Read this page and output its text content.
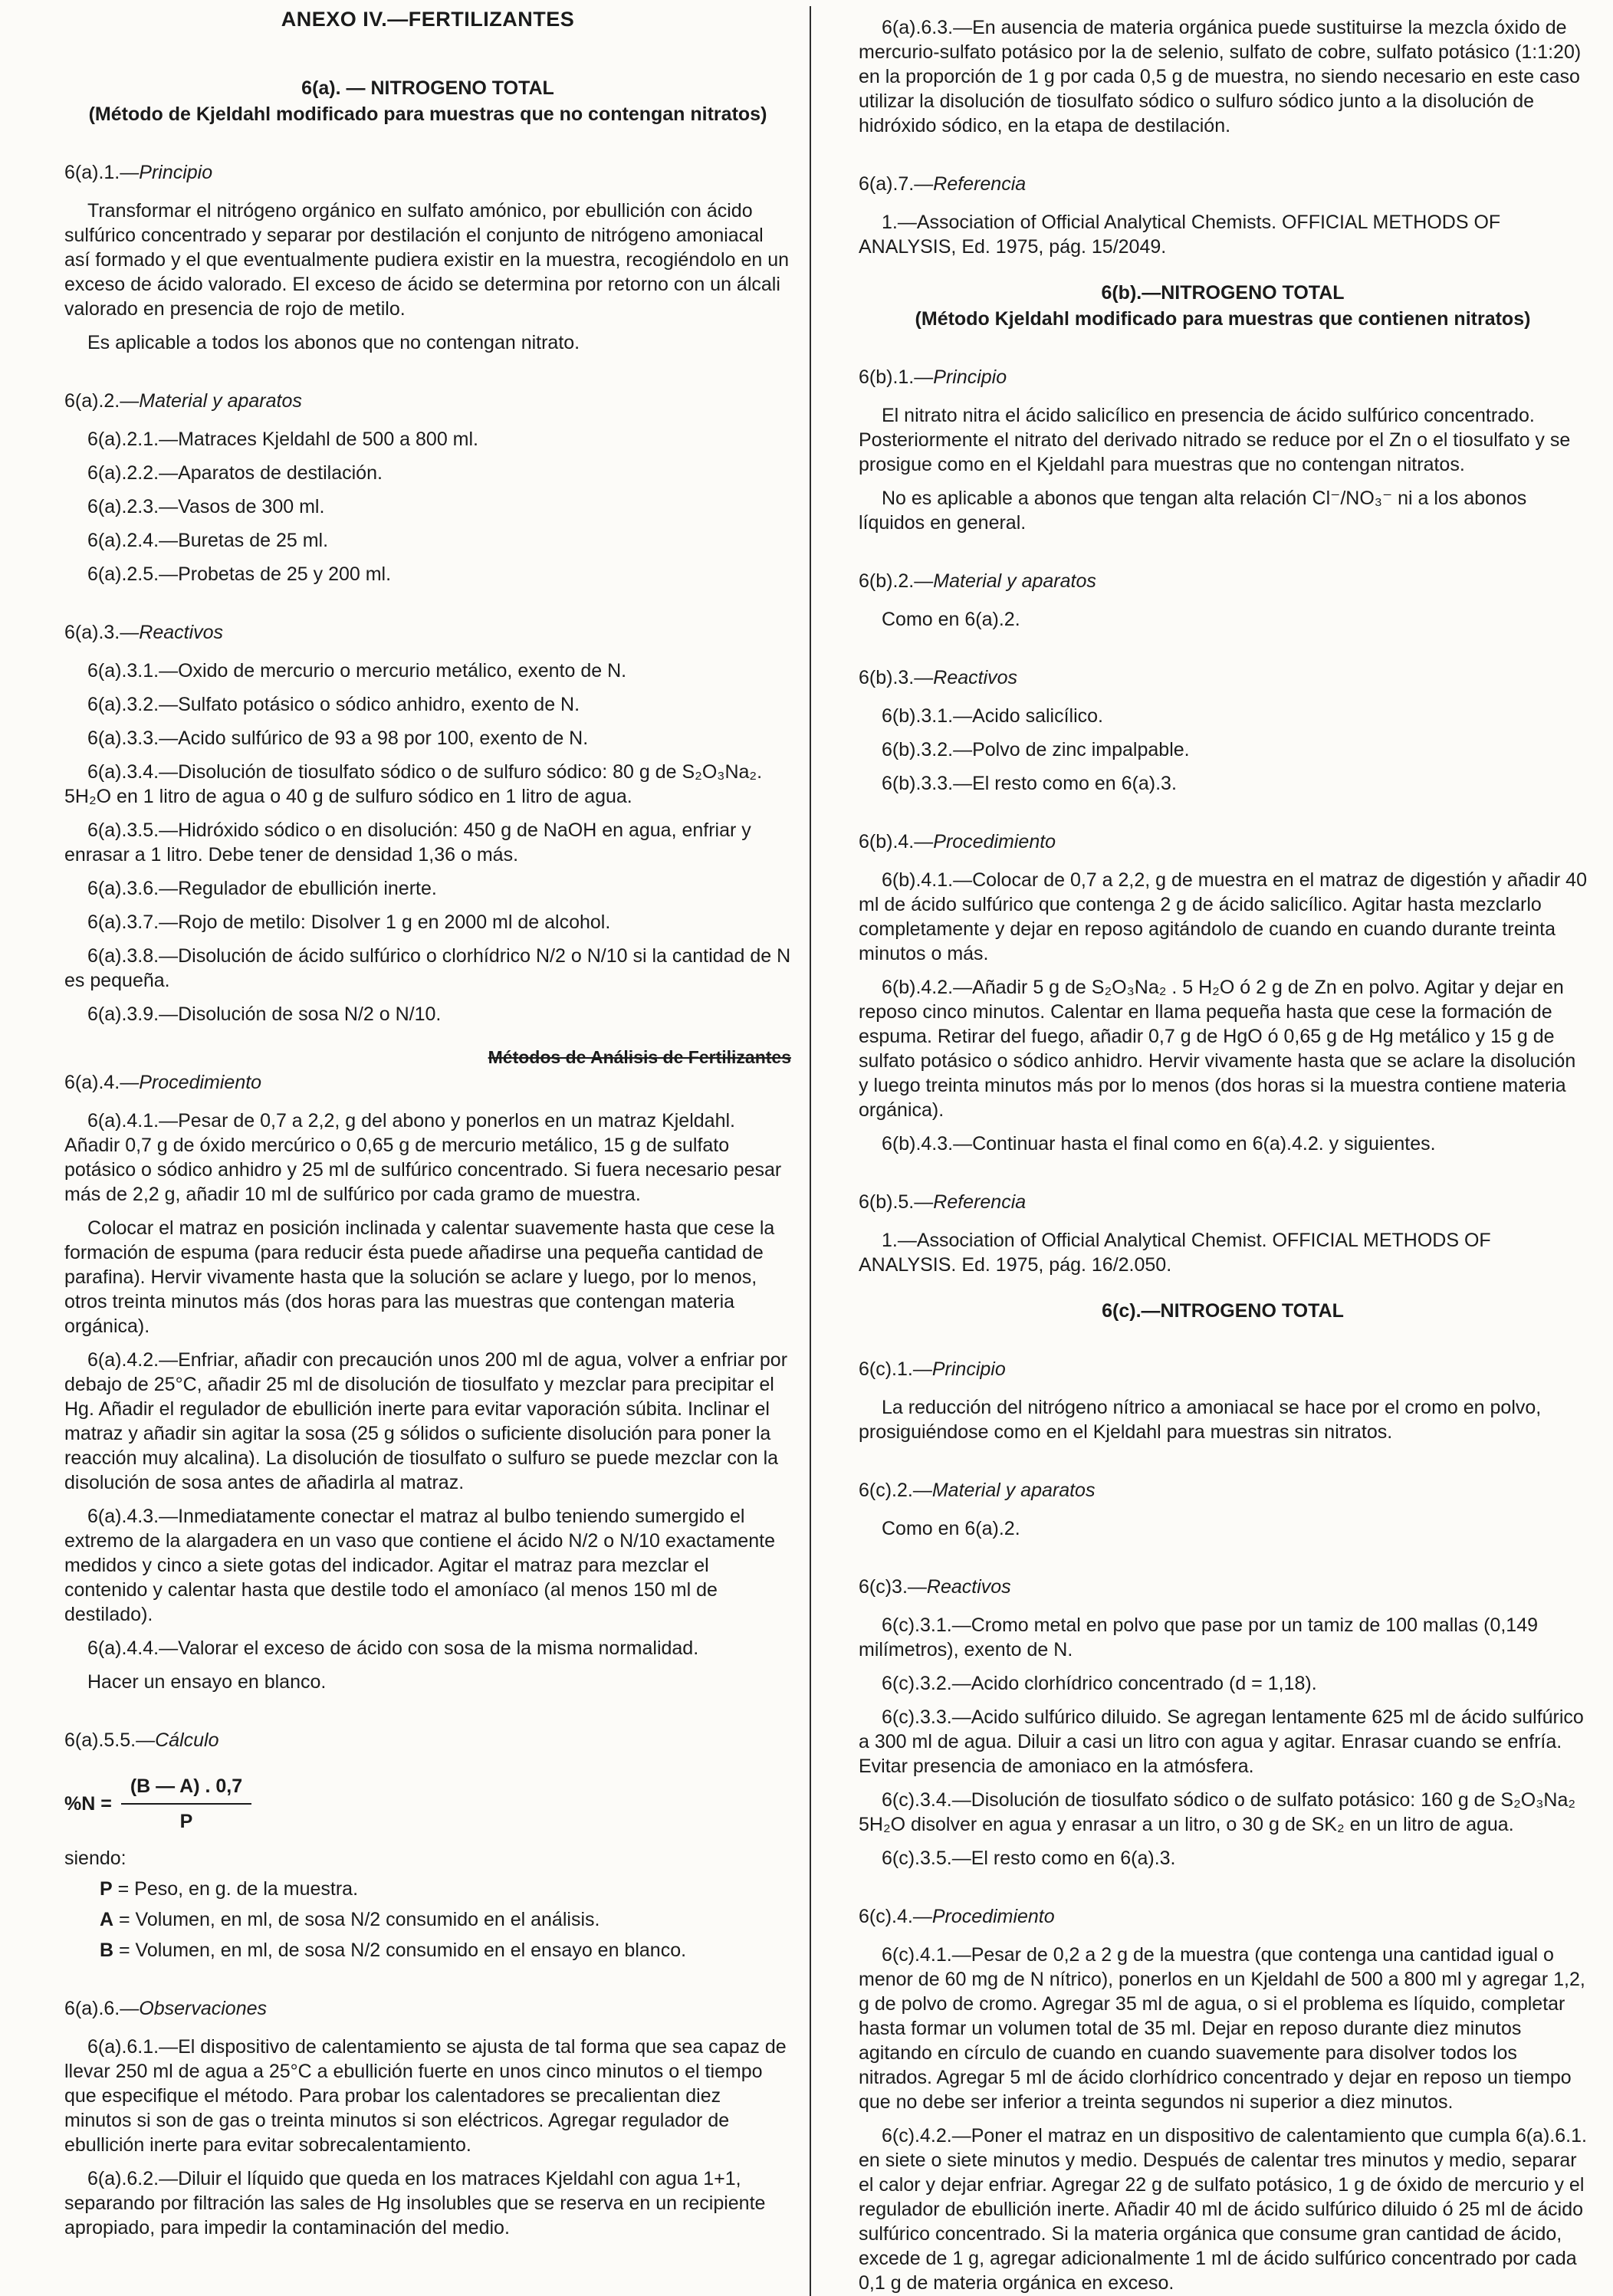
ANEXO IV.—FERTILIZANTES

6(a). — NITROGENO TOTAL

(Método de Kjeldahl modificado para muestras que no contengan nitratos)

6(a).1.—Principio

Transformar el nitrógeno orgánico en sulfato amónico, por ebullición con ácido sulfúrico concentrado y separar por destilación el conjunto de nitrógeno amoniacal así formado y el que eventualmente pudiera existir en la muestra, recogiéndolo en un exceso de ácido valorado. El exceso de ácido se determina por retorno con un álcali valorado en presencia de rojo de metilo.

Es aplicable a todos los abonos que no contengan nitrato.

6(a).2.—Material y aparatos

6(a).2.1.—Matraces Kjeldahl de 500 a 800 ml.

6(a).2.2.—Aparatos de destilación.

6(a).2.3.—Vasos de 300 ml.

6(a).2.4.—Buretas de 25 ml.

6(a).2.5.—Probetas de 25 y 200 ml.

6(a).3.—Reactivos

6(a).3.1.—Oxido de mercurio o mercurio metálico, exento de N.

6(a).3.2.—Sulfato potásico o sódico anhidro, exento de N.

6(a).3.3.—Acido sulfúrico de 93 a 98 por 100, exento de N.

6(a).3.4.—Disolución de tiosulfato sódico o de sulfuro sódico: 80 g de S₂O₃Na₂. 5H₂O en 1 litro de agua o 40 g de sulfuro sódico en 1 litro de agua.

6(a).3.5.—Hidróxido sódico o en disolución: 450 g de NaOH en agua, enfriar y enrasar a 1 litro. Debe tener de densidad 1,36 o más.

6(a).3.6.—Regulador de ebullición inerte.

6(a).3.7.—Rojo de metilo: Disolver 1 g en 2000 ml de alcohol.

6(a).3.8.—Disolución de ácido sulfúrico o clorhídrico N/2 o N/10 si la cantidad de N es pequeña.

6(a).3.9.—Disolución de sosa N/2 o N/10.

Métodos de Análisis de Fertilizantes

6(a).4.—Procedimiento

6(a).4.1.—Pesar de 0,7 a 2,2, g del abono y ponerlos en un matraz Kjeldahl. Añadir 0,7 g de óxido mercúrico o 0,65 g de mercurio metálico, 15 g de sulfato potásico o sódico anhidro y 25 ml de sulfúrico concentrado. Si fuera necesario pesar más de 2,2 g, añadir 10 ml de sulfúrico por cada gramo de muestra.

Colocar el matraz en posición inclinada y calentar suavemente hasta que cese la formación de espuma (para reducir ésta puede añadirse una pequeña cantidad de parafina). Hervir vivamente hasta que la solución se aclare y luego, por lo menos, otros treinta minutos más (dos horas para las muestras que contengan materia orgánica).

6(a).4.2.—Enfriar, añadir con precaución unos 200 ml de agua, volver a enfriar por debajo de 25°C, añadir 25 ml de disolución de tiosulfato y mezclar para precipitar el Hg. Añadir el regulador de ebullición inerte para evitar vaporación súbita. Inclinar el matraz y añadir sin agitar la sosa (25 g sólidos o suficiente disolución para poner la reacción muy alcalina). La disolución de tiosulfato o sulfuro se puede mezclar con la disolución de sosa antes de añadirla al matraz.

6(a).4.3.—Inmediatamente conectar el matraz al bulbo teniendo sumergido el extremo de la alargadera en un vaso que contiene el ácido N/2 o N/10 exactamente medidos y cinco a siete gotas del indicador. Agitar el matraz para mezclar el contenido y calentar hasta que destile todo el amoníaco (al menos 150 ml de destilado).

6(a).4.4.—Valorar el exceso de ácido con sosa de la misma normalidad.

Hacer un ensayo en blanco.

6(a).5.5.—Cálculo
$\%N = \frac{(B — A) . 0,7}{P}$

siendo:

P = Peso, en g. de la muestra.

A = Volumen, en ml, de sosa N/2 consumido en el análisis.

B = Volumen, en ml, de sosa N/2 consumido en el ensayo en blanco.

6(a).6.—Observaciones

6(a).6.1.—El dispositivo de calentamiento se ajusta de tal forma que sea capaz de llevar 250 ml de agua a 25°C a ebullición fuerte en unos cinco minutos o el tiempo que especifique el método. Para probar los calentadores se precalientan diez minutos si son de gas o treinta minutos si son eléctricos. Agregar regulador de ebullición inerte para evitar sobrecalentamiento.

6(a).6.2.—Diluir el líquido que queda en los matraces Kjeldahl con agua 1+1, separando por filtración las sales de Hg insolubles que se reserva en un recipiente apropiado, para impedir la contaminación del medio.

6(a).6.3.—En ausencia de materia orgánica puede sustituirse la mezcla óxido de mercurio-sulfato potásico por la de selenio, sulfato de cobre, sulfato potásico (1:1:20) en la proporción de 1 g por cada 0,5 g de muestra, no siendo necesario en este caso utilizar la disolución de tiosulfato sódico o sulfuro sódico junto a la disolución de hidróxido sódico, en la etapa de destilación.

6(a).7.—Referencia

1.—Association of Official Analytical Chemists. OFFICIAL METHODS OF ANALYSIS, Ed. 1975, pág. 15/2049.

6(b).—NITROGENO TOTAL

(Método Kjeldahl modificado para muestras que contienen nitratos)

6(b).1.—Principio

El nitrato nitra el ácido salicílico en presencia de ácido sulfúrico concentrado. Posteriormente el nitrato del derivado nitrado se reduce por el Zn o el tiosulfato y se prosigue como en el Kjeldahl para muestras que no contengan nitratos.

No es aplicable a abonos que tengan alta relación Cl⁻/NO₃⁻ ni a los abonos líquidos en general.

6(b).2.—Material y aparatos

Como en 6(a).2.

6(b).3.—Reactivos

6(b).3.1.—Acido salicílico.

6(b).3.2.—Polvo de zinc impalpable.

6(b).3.3.—El resto como en 6(a).3.

6(b).4.—Procedimiento

6(b).4.1.—Colocar de 0,7 a 2,2, g de muestra en el matraz de digestión y añadir 40 ml de ácido sulfúrico que contenga 2 g de ácido salicílico. Agitar hasta mezclarlo completamente y dejar en reposo agitándolo de cuando en cuando durante treinta minutos o más.

6(b).4.2.—Añadir 5 g de S₂O₃Na₂ . 5 H₂O ó 2 g de Zn en polvo. Agitar y dejar en reposo cinco minutos. Calentar en llama pequeña hasta que cese la formación de espuma. Retirar del fuego, añadir 0,7 g de HgO ó 0,65 g de Hg metálico y 15 g de sulfato potásico o sódico anhidro. Hervir vivamente hasta que se aclare la disolución y luego treinta minutos más por lo menos (dos horas si la muestra contiene materia orgánica).

6(b).4.3.—Continuar hasta el final como en 6(a).4.2. y siguientes.

6(b).5.—Referencia

1.—Association of Official Analytical Chemist. OFFICIAL METHODS OF ANALYSIS. Ed. 1975, pág. 16/2.050.

6(c).—NITROGENO TOTAL

6(c).1.—Principio

La reducción del nitrógeno nítrico a amoniacal se hace por el cromo en polvo, prosiguiéndose como en el Kjeldahl para muestras sin nitratos.

6(c).2.—Material y aparatos

Como en 6(a).2.

6(c)3.—Reactivos

6(c).3.1.—Cromo metal en polvo que pase por un tamiz de 100 mallas (0,149 milímetros), exento de N.

6(c).3.2.—Acido clorhídrico concentrado (d = 1,18).

6(c).3.3.—Acido sulfúrico diluido. Se agregan lentamente 625 ml de ácido sulfúrico a 300 ml de agua. Diluir a casi un litro con agua y agitar. Enrasar cuando se enfría. Evitar presencia de amoniaco en la atmósfera.

6(c).3.4.—Disolución de tiosulfato sódico o de sulfato potásico: 160 g de S₂O₃Na₂ 5H₂O disolver en agua y enrasar a un litro, o 30 g de SK₂ en un litro de agua.

6(c).3.5.—El resto como en 6(a).3.

6(c).4.—Procedimiento

6(c).4.1.—Pesar de 0,2 a 2 g de la muestra (que contenga una cantidad igual o menor de 60 mg de N nítrico), ponerlos en un Kjeldahl de 500 a 800 ml y agregar 1,2, g de polvo de cromo. Agregar 35 ml de agua, o si el problema es líquido, completar hasta formar un volumen total de 35 ml. Dejar en reposo durante diez minutos agitando en círculo de cuando en cuando suavemente para disolver todos los nitrados. Agregar 5 ml de ácido clorhídrico concentrado y dejar en reposo un tiempo que no debe ser inferior a treinta segundos ni superior a diez minutos.

6(c).4.2.—Poner el matraz en un dispositivo de calentamiento que cumpla 6(a).6.1. en siete o siete minutos y medio. Después de calentar tres minutos y medio, separar el calor y dejar enfriar. Agregar 22 g de sulfato potásico, 1 g de óxido de mercurio y el regulador de ebullición inerte. Añadir 40 ml de ácido sulfúrico diluido ó 25 ml de ácido sulfúrico concentrado. Si la materia orgánica que consume gran cantidad de ácido, excede de 1 g, agregar adicionalmente 1 ml de ácido sulfúrico concentrado por cada 0,1 g de materia orgánica en exceso.
